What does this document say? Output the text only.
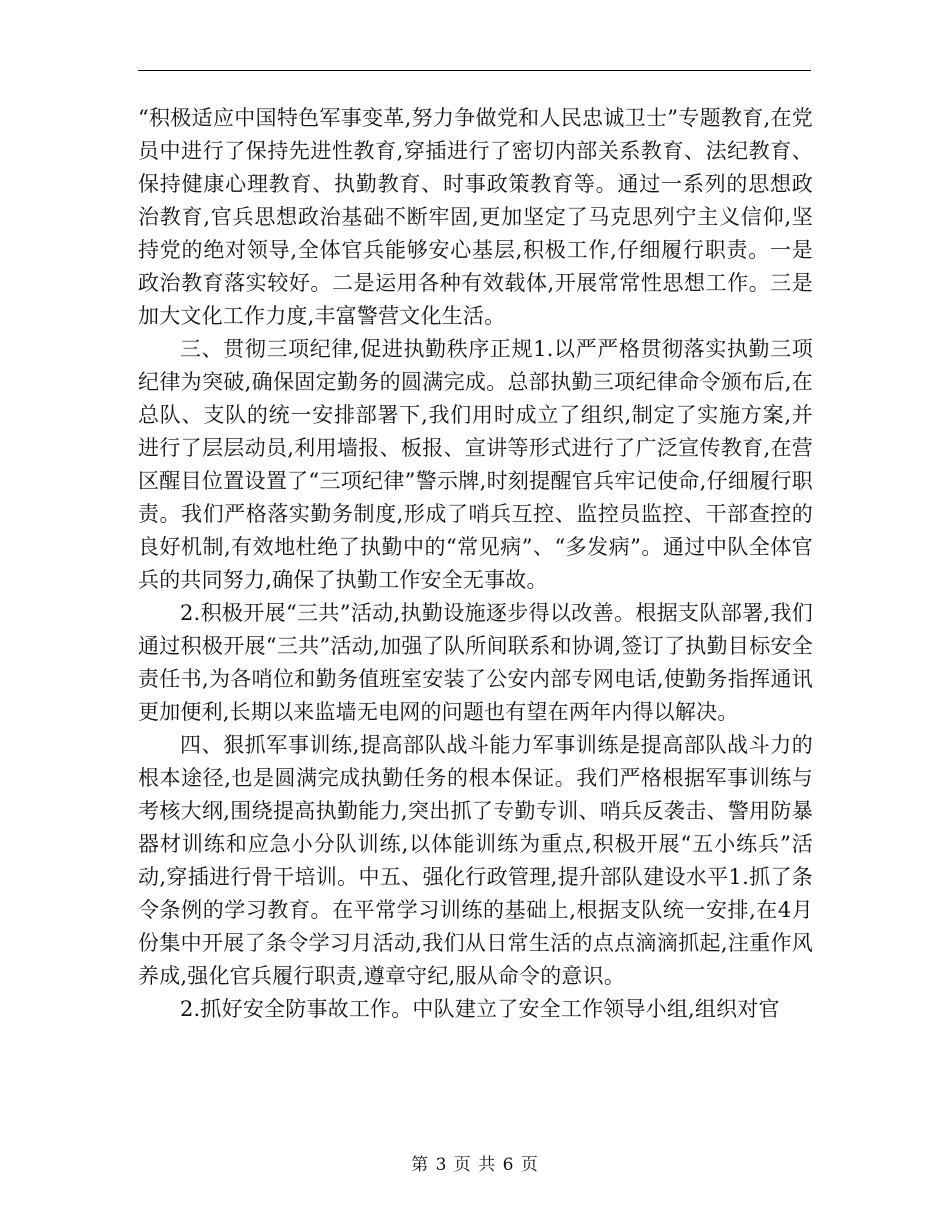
“积极适应中国特色军事变革,努力争做党和人民忠诚卫士”专题教育,在党员中进行了保持先进性教育,穿插进行了密切内部关系教育、法纪教育、保持健康心理教育、执勤教育、时事政策教育等。通过一系列的思想政治教育,官兵思想政治基础不断牢固,更加坚定了马克思列宁主义信仰,坚持党的绝对领导,全体官兵能够安心基层,积极工作,仔细履行职责。一是政治教育落实较好。二是运用各种有效载体,开展常常性思想工作。三是加大文化工作力度,丰富警营文化生活。

三、贯彻三项纪律,促进执勤秩序正规1.以严严格贯彻落实执勤三项纪律为突破,确保固定勤务的圆满完成。总部执勤三项纪律命令颁布后,在总队、支队的统一安排部署下,我们用时成立了组织,制定了实施方案,并进行了层层动员,利用墙报、板报、宣讲等形式进行了广泛宣传教育,在营区醒目位置设置了“三项纪律”警示牌,时刻提醒官兵牢记使命,仔细履行职责。我们严格落实勤务制度,形成了哨兵互控、监控员监控、干部查控的良好机制,有效地杜绝了执勤中的“常见病”、“多发病”。通过中队全体官兵的共同努力,确保了执勤工作安全无事故。

2.积极开展“三共”活动,执勤设施逐步得以改善。根据支队部署,我们通过积极开展“三共”活动,加强了队所间联系和协调,签订了执勤目标安全责任书,为各哨位和勤务值班室安装了公安内部专网电话,使勤务指挥通讯更加便利,长期以来监墙无电网的问题也有望在两年内得以解决。

四、狠抓军事训练,提高部队战斗能力军事训练是提高部队战斗力的根本途径,也是圆满完成执勤任务的根本保证。我们严格根据军事训练与考核大纲,围绕提高执勤能力,突出抓了专勤专训、哨兵反袭击、警用防暴器材训练和应急小分队训练,以体能训练为重点,积极开展“五小练兵”活动,穿插进行骨干培训。中五、强化行政管理,提升部队建设水平1.抓了条令条例的学习教育。在平常学习训练的基础上,根据支队统一安排,在4月份集中开展了条令学习月活动,我们从日常生活的点点滴滴抓起,注重作风养成,强化官兵履行职责,遵章守纪,服从命令的意识。

2.抓好安全防事故工作。中队建立了安全工作领导小组,组织对官

第 3 页 共 6 页
